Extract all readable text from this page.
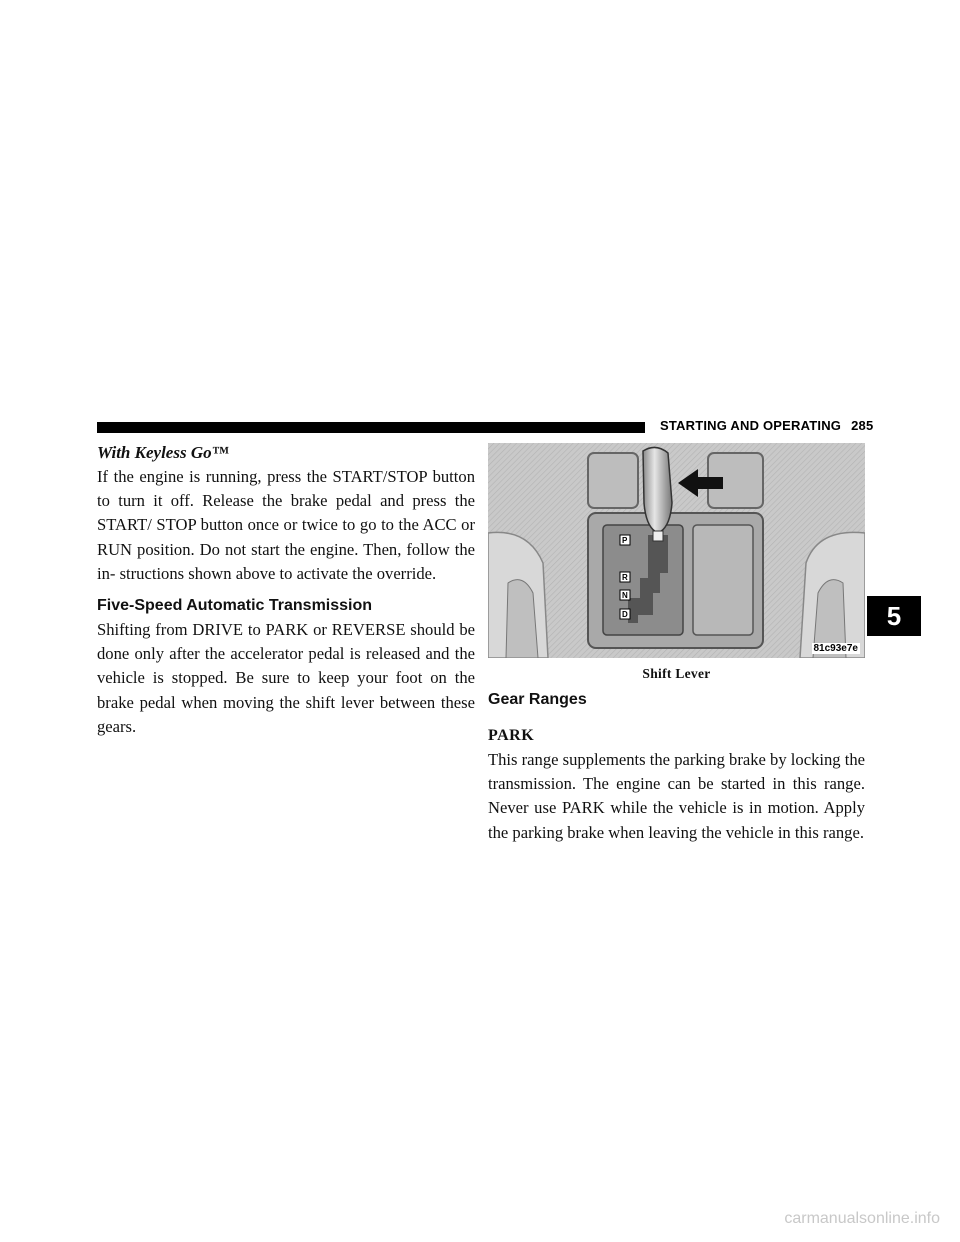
STARTING AND OPERATING 285

With Keyless Go™

If the engine is running, press the START/STOP button to turn it off. Release the brake pedal and press the START/ STOP button once or twice to go to the ACC or RUN position. Do not start the engine. Then, follow the in- structions shown above to activate the override.

Five-Speed Automatic Transmission

Shifting from DRIVE to PARK or REVERSE should be done only after the accelerator pedal is released and the vehicle is stopped. Be sure to keep your foot on the brake pedal when moving the shift lever between these gears.

P
R
N
D
81c93e7e
Shift Lever

Gear Ranges

PARK

This range supplements the parking brake by locking the transmission. The engine can be started in this range. Never use PARK while the vehicle is in motion. Apply the parking brake when leaving the vehicle in this range.

5
carmanualsonline.info
